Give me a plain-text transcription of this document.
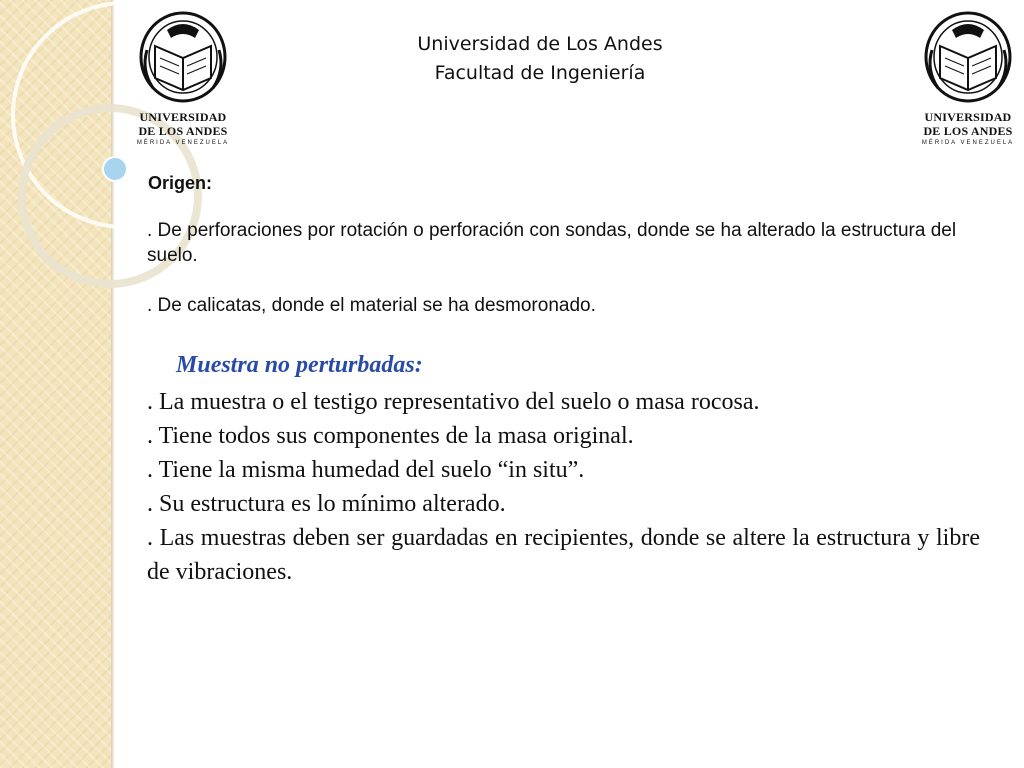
UNIVERSIDAD
DE LOS ANDES
MÉRIDA VENEZUELA
UNIVERSIDAD
DE LOS ANDES
MÉRIDA VENEZUELA
Universidad de Los Andes
Facultad de Ingeniería
Origen:

. De perforaciones por rotación o perforación con sondas, donde se ha alterado la estructura del suelo.

. De calicatas, donde el material se ha desmoronado.

Muestra no perturbadas:

. La muestra o el testigo representativo del suelo o masa rocosa.

. Tiene todos sus componentes de la masa original.

. Tiene la misma humedad del suelo “in situ”.

. Su estructura es lo mínimo alterado.

. Las muestras deben ser guardadas en recipientes, donde se altere la estructura y libre de vibraciones.
